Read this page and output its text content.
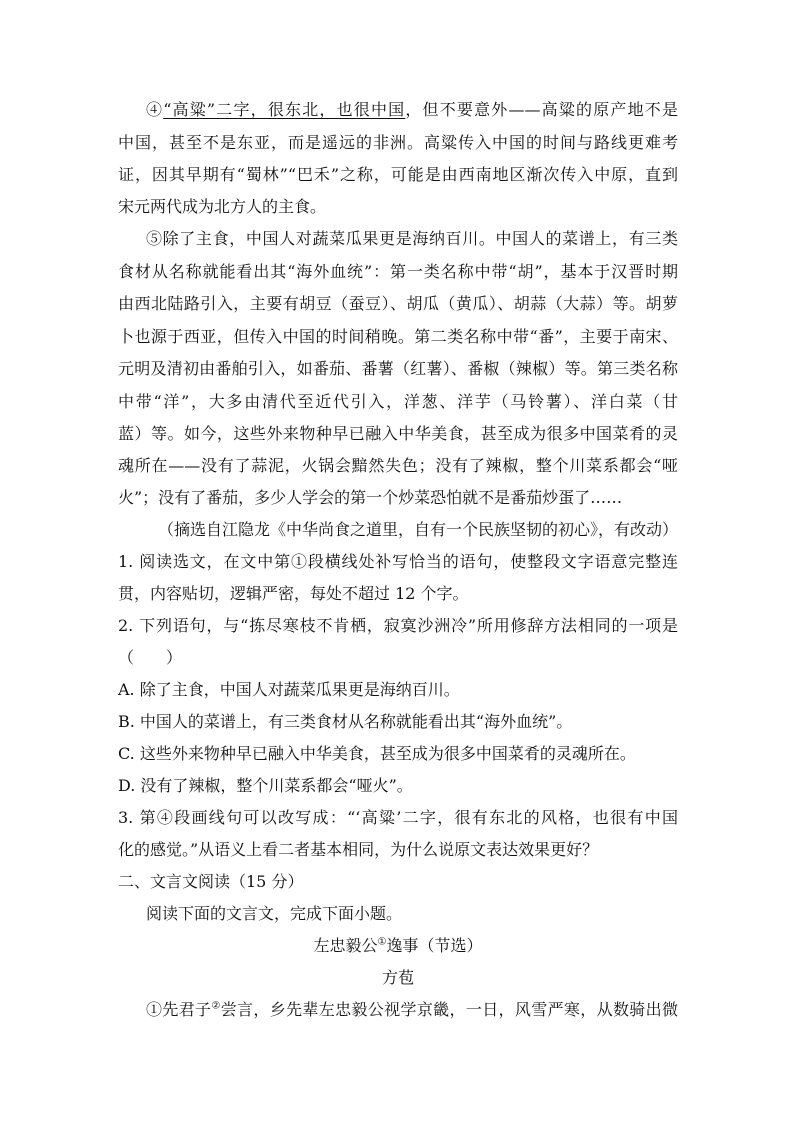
④“高粱”二字，很东北，也很中国，但不要意外——高粱的原产地不是
中国，甚至不是东亚，而是遥远的非洲。高粱传入中国的时间与路线更难考
证，因其早期有“蜀林”“巴禾”之称，可能是由西南地区渐次传入中原，直到
宋元两代成为北方人的主食。
⑤除了主食，中国人对蔬菜瓜果更是海纳百川。中国人的菜谱上，有三类
食材从名称就能看出其“海外血统”：第一类名称中带“胡”，基本于汉晋时期
由西北陆路引入，主要有胡豆（蚕豆）、胡瓜（黄瓜）、胡蒜（大蒜）等。胡萝
卜也源于西亚，但传入中国的时间稍晚。第二类名称中带“番”，主要于南宋、
元明及清初由番舶引入，如番茄、番薯（红薯）、番椒（辣椒）等。第三类名称
中带“洋”，大多由清代至近代引入，洋葱、洋芋（马铃薯）、洋白菜（甘
蓝）等。如今，这些外来物种早已融入中华美食，甚至成为很多中国菜肴的灵
魂所在——没有了蒜泥，火锅会黯然失色；没有了辣椒，整个川菜系都会“哑
火”；没有了番茄，多少人学会的第一个炒菜恐怕就不是番茄炒蛋了……
（摘选自江隐龙《中华尚食之道里，自有一个民族坚韧的初心》，有改动）
1. 阅读选文，在文中第①段横线处补写恰当的语句，使整段文字语意完整连
贯，内容贴切，逻辑严密，每处不超过 12 个字。
2. 下列语句，与“拣尽寒枝不肯栖，寂寞沙洲冷”所用修辞方法相同的一项是
（　　）
A. 除了主食，中国人对蔬菜瓜果更是海纳百川。
B. 中国人的菜谱上，有三类食材从名称就能看出其“海外血统”。
C. 这些外来物种早已融入中华美食，甚至成为很多中国菜肴的灵魂所在。
D. 没有了辣椒，整个川菜系都会“哑火”。
3. 第④段画线句可以改写成：“‘高粱’二字，很有东北的风格，也很有中国
化的感觉。”从语义上看二者基本相同，为什么说原文表达效果更好？
二、文言文阅读（15 分）
阅读下面的文言文，完成下面小题。
左忠毅公①逸事（节选）
方苞
①先君子②尝言，乡先辈左忠毅公视学京畿，一日，风雪严寒，从数骑出微
